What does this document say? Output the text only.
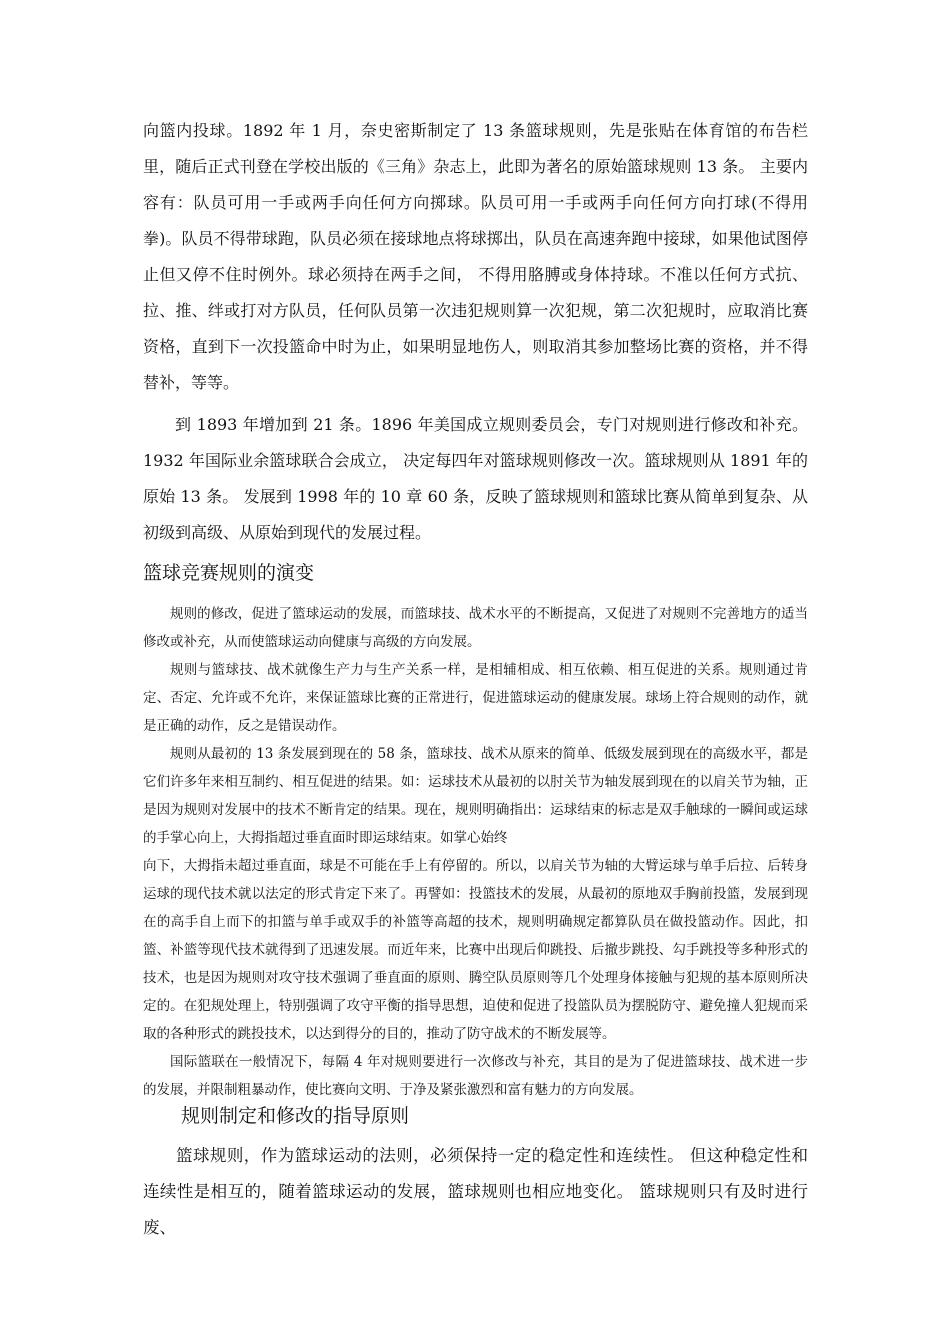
向篮内投球。1892 年 1 月，奈史密斯制定了 13 条篮球规则，先是张贴在体育馆的布告栏里，随后正式刊登在学校出版的《三角》杂志上，此即为著名的原始篮球规则 13 条。 主要内容有：队员可用一手或两手向任何方向掷球。队员可用一手或两手向任何方向打球(不得用拳)。队员不得带球跑，队员必须在接球地点将球掷出，队员在高速奔跑中接球，如果他试图停止但又停不住时例外。球必须持在两手之间， 不得用胳膊或身体持球。不准以任何方式抗、拉、推、绊或打对方队员，任何队员第一次违犯规则算一次犯规，第二次犯规时，应取消比赛资格，直到下一次投篮命中时为止，如果明显地伤人，则取消其参加整场比赛的资格，并不得替补，等等。

到 1893 年增加到 21 条。1896 年美国成立规则委员会，专门对规则进行修改和补充。1932 年国际业余篮球联合会成立， 决定每四年对篮球规则修改一次。篮球规则从 1891 年的原始 13 条。 发展到 1998 年的 10 章 60 条，反映了篮球规则和篮球比赛从简单到复杂、从初级到高级、从原始到现代的发展过程。

篮球竞赛规则的演变

规则的修改，促进了篮球运动的发展，而篮球技、战术水平的不断提高，又促进了对规则不完善地方的适当修改或补充，从而使篮球运动向健康与高级的方向发展。

规则与篮球技、战术就像生产力与生产关系一样，是相辅相成、相互依赖、相互促进的关系。规则通过肯定、否定、允许或不允许，来保证篮球比赛的正常进行，促进篮球运动的健康发展。球场上符合规则的动作，就是正确的动作，反之是错误动作。

规则从最初的 13 条发展到现在的 58 条，篮球技、战术从原来的简单、低级发展到现在的高级水平，都是它们许多年来相互制约、相互促进的结果。如：运球技术从最初的以肘关节为轴发展到现在的以肩关节为轴，正是因为规则对发展中的技术不断肯定的结果。现在，规则明确指出：运球结束的标志是双手触球的一瞬间或运球的手掌心向上，大拇指超过垂直面时即运球结束。如掌心始终

向下，大拇指未超过垂直面，球是不可能在手上有停留的。所以，以肩关节为轴的大臂运球与单手后拉、后转身运球的现代技术就以法定的形式肯定下来了。再譬如：投篮技术的发展，从最初的原地双手胸前投篮，发展到现在的高手自上而下的扣篮与单手或双手的补篮等高超的技术，规则明确规定都算队员在做投篮动作。因此，扣篮、补篮等现代技术就得到了迅速发展。而近年来，比赛中出现后仰跳投、后撤步跳投、勾手跳投等多种形式的技术，也是因为规则对攻守技术强调了垂直面的原则、腾空队员原则等几个处理身体接触与犯规的基本原则所决定的。在犯规处理上，特别强调了攻守平衡的指导思想，迫使和促进了投篮队员为摆脱防守、避免撞人犯规而采取的各种形式的跳投技术，以达到得分的目的，推动了防守战术的不断发展等。

国际篮联在一般情况下，每隔 4 年对规则要进行一次修改与补充，其目的是为了促进篮球技、战术进一步的发展，并限制粗暴动作，使比赛向文明、于净及紧张激烈和富有魅力的方向发展。

规则制定和修改的指导原则

篮球规则，作为篮球运动的法则，必须保持一定的稳定性和连续性。 但这种稳定性和连续性是相互的，随着篮球运动的发展，篮球规则也相应地变化。 篮球规则只有及时进行废、
